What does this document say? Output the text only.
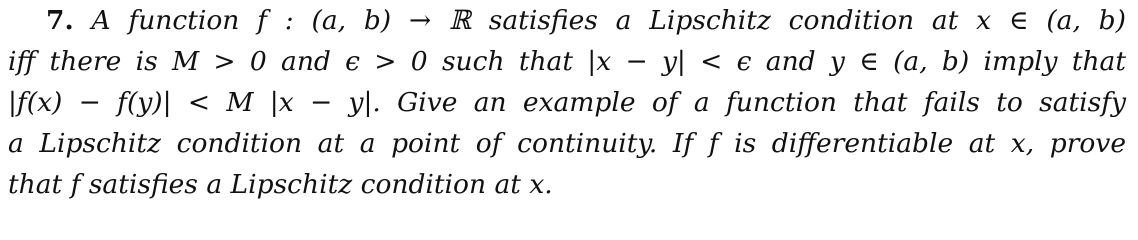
7. A function f : (a, b) → ℝ satisfies a Lipschitz condition at x ∈ (a, b)
iff there is M > 0 and ϵ > 0 such that |x − y| < ϵ and y ∈ (a, b) imply that
|f(x) − f(y)| < M |x − y|. Give an example of a function that fails to satisfy
a Lipschitz condition at a point of continuity. If f is differentiable at x, prove
that f satisfies a Lipschitz condition at x.
